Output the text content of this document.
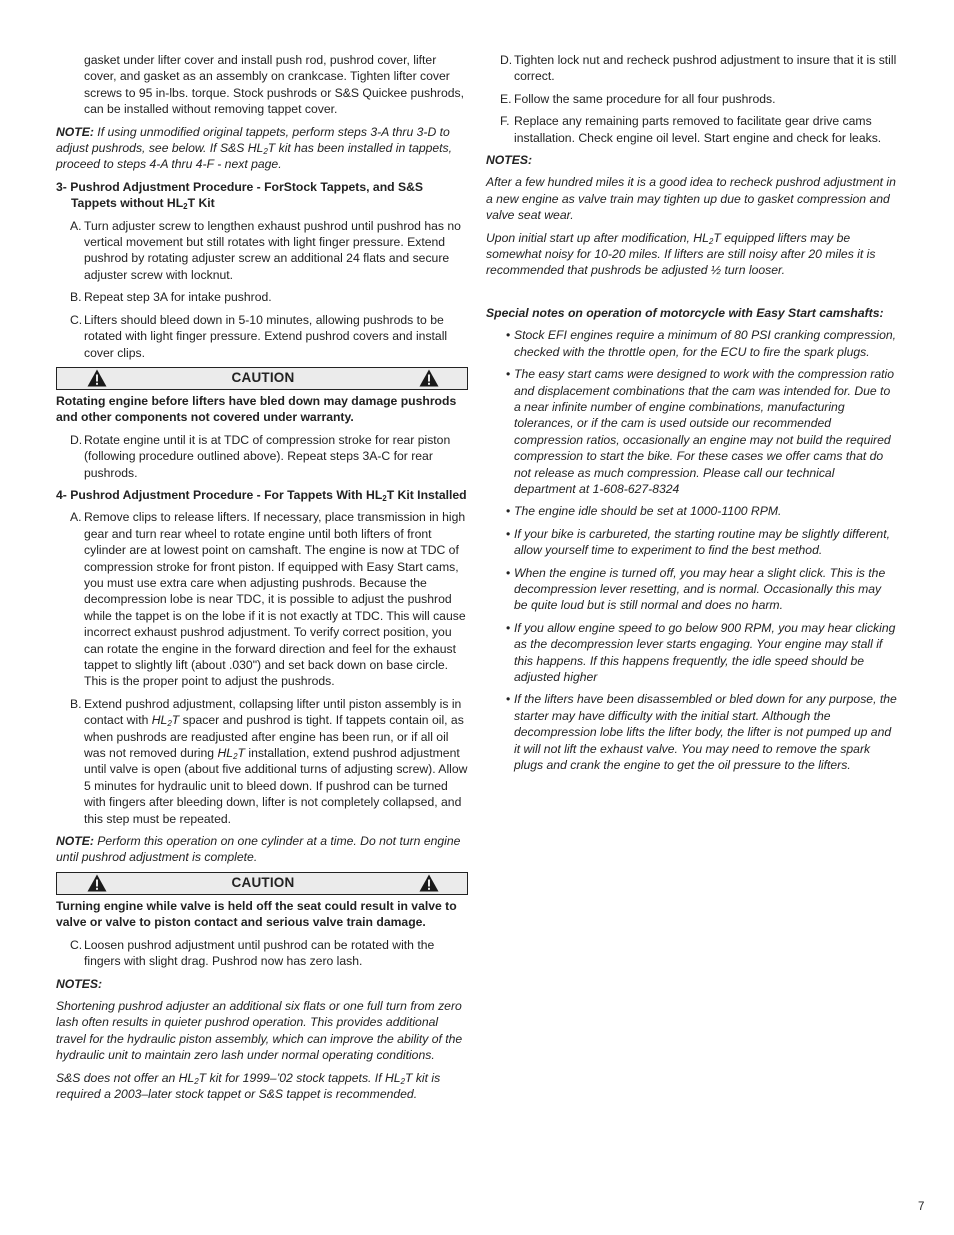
gasket under lifter cover and install push rod, pushrod cover, lifter cover, and gasket as an assembly on crankcase. Tighten lifter cover screws to 95 in-lbs. torque. Stock pushrods or S&S Quickee pushrods, can be installed without removing tappet cover.

NOTE: If using unmodified original tappets, perform steps 3-A thru 3-D to adjust pushrods, see below. If S&S $HL_2T$ kit has been installed in tappets, proceed to steps 4-A thru 4-F - next page.

3- Pushrod Adjustment Procedure - ForStock Tappets, and S&S Tappets without $HL_2T$ Kit

A. Turn adjuster screw to lengthen exhaust pushrod until pushrod has no vertical movement but still rotates with light finger pressure. Extend pushrod by rotating adjuster screw an additional 24 flats and secure adjuster screw with locknut.
B. Repeat step 3A for intake pushrod.
C. Lifters should bleed down in 5-10 minutes, allowing pushrods to be rotated with light finger pressure. Extend pushrod covers and install cover clips.
CAUTION

Rotating engine before lifters have bled down may damage pushrods and other components not covered under warranty.

D. Rotate engine until it is at TDC of compression stroke for rear piston (following procedure outlined above). Repeat steps 3A-C for rear pushrods.

4- Pushrod Adjustment Procedure - For Tappets With $HL_2T$ Kit Installed

A. Remove clips to release lifters. If necessary, place transmission in high gear and turn rear wheel to rotate engine until both lifters of front cylinder are at lowest point on camshaft. The engine is now at TDC of compression stroke for front piston. If equipped with Easy Start cams, you must use extra care when adjusting pushrods. Because the decompression lobe is near TDC, it is possible to adjust the pushrod while the tappet is on the lobe if it is not exactly at TDC. This will cause incorrect exhaust pushrod adjustment. To verify correct position, you can rotate the engine in the forward direction and feel for the exhaust tappet to slightly lift (about .030") and set back down on base circle. This is the proper point to adjust the pushrods.
B. Extend pushrod adjustment, collapsing lifter until piston assembly is in contact with $HL_2T$ spacer and pushrod is tight. If tappets contain oil, as when pushrods are readjusted after engine has been run, or if all oil was not removed during $HL_2T$ installation, extend pushrod adjustment until valve is open (about five additional turns of adjusting screw). Allow 5 minutes for hydraulic unit to bleed down. If pushrod can be turned with fingers after bleeding down, lifter is not completely collapsed, and this step must be repeated.

NOTE: Perform this operation on one cylinder at a time. Do not turn engine until pushrod adjustment is complete.

CAUTION

Turning engine while valve is held off the seat could result in valve to valve or valve to piston contact and serious valve train damage.

C. Loosen pushrod adjustment until pushrod can be rotated with the fingers with slight drag. Pushrod now has zero lash.

NOTES:

Shortening pushrod adjuster an additional six flats or one full turn from zero lash often results in quieter pushrod operation. This provides additional travel for the hydraulic piston assembly, which can improve the ability of the hydraulic unit to maintain zero lash under normal operating conditions.

S&S does not offer an $HL_2T$ kit for 1999–’02 stock tappets. If $HL_2T$ kit is required a 2003–later stock tappet or S&S tappet is recommended.

D. Tighten lock nut and recheck pushrod adjustment to insure that it is still correct.
E. Follow the same procedure for all four pushrods.
F. Replace any remaining parts removed to facilitate gear drive cams installation. Check engine oil level. Start engine and check for leaks.

NOTES:

After a few hundred miles it is a good idea to recheck pushrod adjustment in a new engine as valve train may tighten up due to gasket compression and valve seat wear.

Upon initial start up after modification, $HL_2T$ equipped lifters may be somewhat noisy for 10-20 miles. If lifters are still noisy after 20 miles it is recommended that pushrods be adjusted ½ turn looser.

Special notes on operation of motorcycle with Easy Start camshafts:

• Stock EFI engines require a minimum of 80 PSI cranking compression, checked with the throttle open, for the ECU to fire the spark plugs.
• The easy start cams were designed to work with the compression ratio and displacement combinations that the cam was intended for. Due to a near infinite number of engine combinations, manufacturing tolerances, or if the cam is used outside our recommended compression ratios, occasionally an engine may not build the required compression to start the bike. For these cases we offer cams that do not release as much compression. Please call our technical department at 1-608-627-8324
• The engine idle should be set at 1000-1100 RPM.
• If your bike is carbureted, the starting routine may be slightly different, allow yourself time to experiment to find the best method.
• When the engine is turned off, you may hear a slight click. This is the decompression lever resetting, and is normal. Occasionally this may be quite loud but is still normal and does no harm.
• If you allow engine speed to go below 900 RPM, you may hear clicking as the decompression lever starts engaging. Your engine may stall if this happens. If this happens frequently, the idle speed should be adjusted higher
• If the lifters have been disassembled or bled down for any purpose, the starter may have difficulty with the initial start. Although the decompression lobe lifts the lifter body, the lifter is not pumped up and it will not lift the exhaust valve. You may need to remove the spark plugs and crank the engine to get the oil pressure to the lifters.
7
